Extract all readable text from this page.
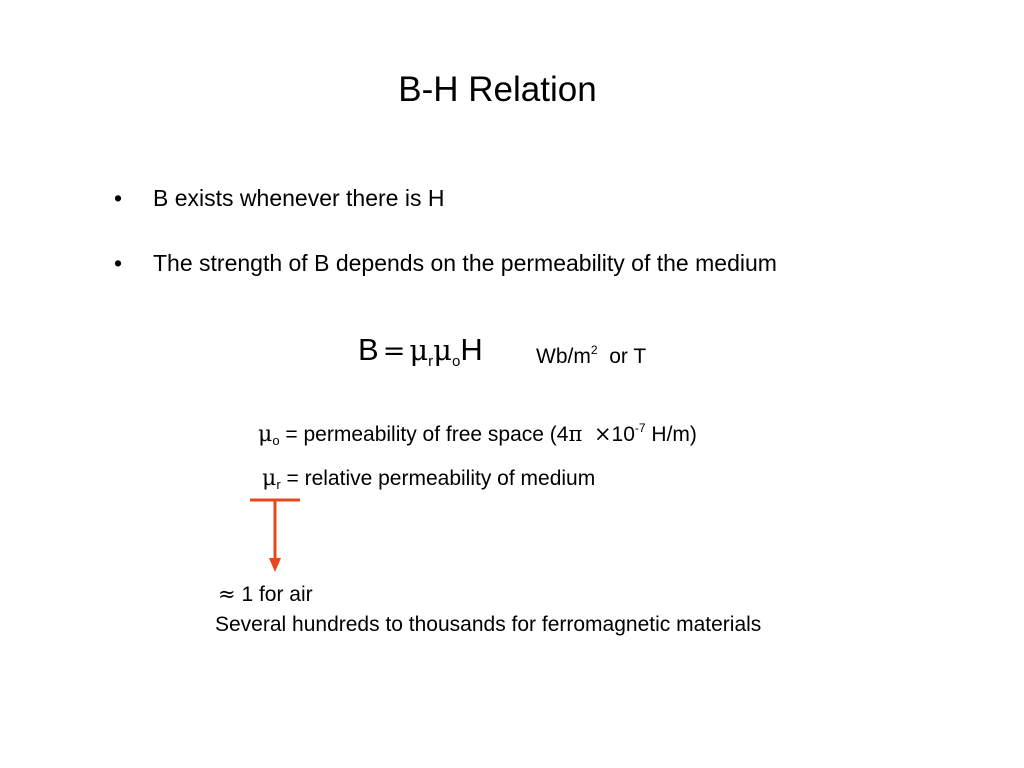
B-H Relation
• B exists whenever there is H
• The strength of B depends on the permeability of the medium
$B = \mu_r\mu_oH$	$Wb/m^2$ or T
$\mu_o$ = permeability of free space ($4\pi \times 10^{-7}$ H/m)
$\mu_r$ = relative permeability of medium
≈ 1 for air
Several hundreds to thousands for ferromagnetic materials
